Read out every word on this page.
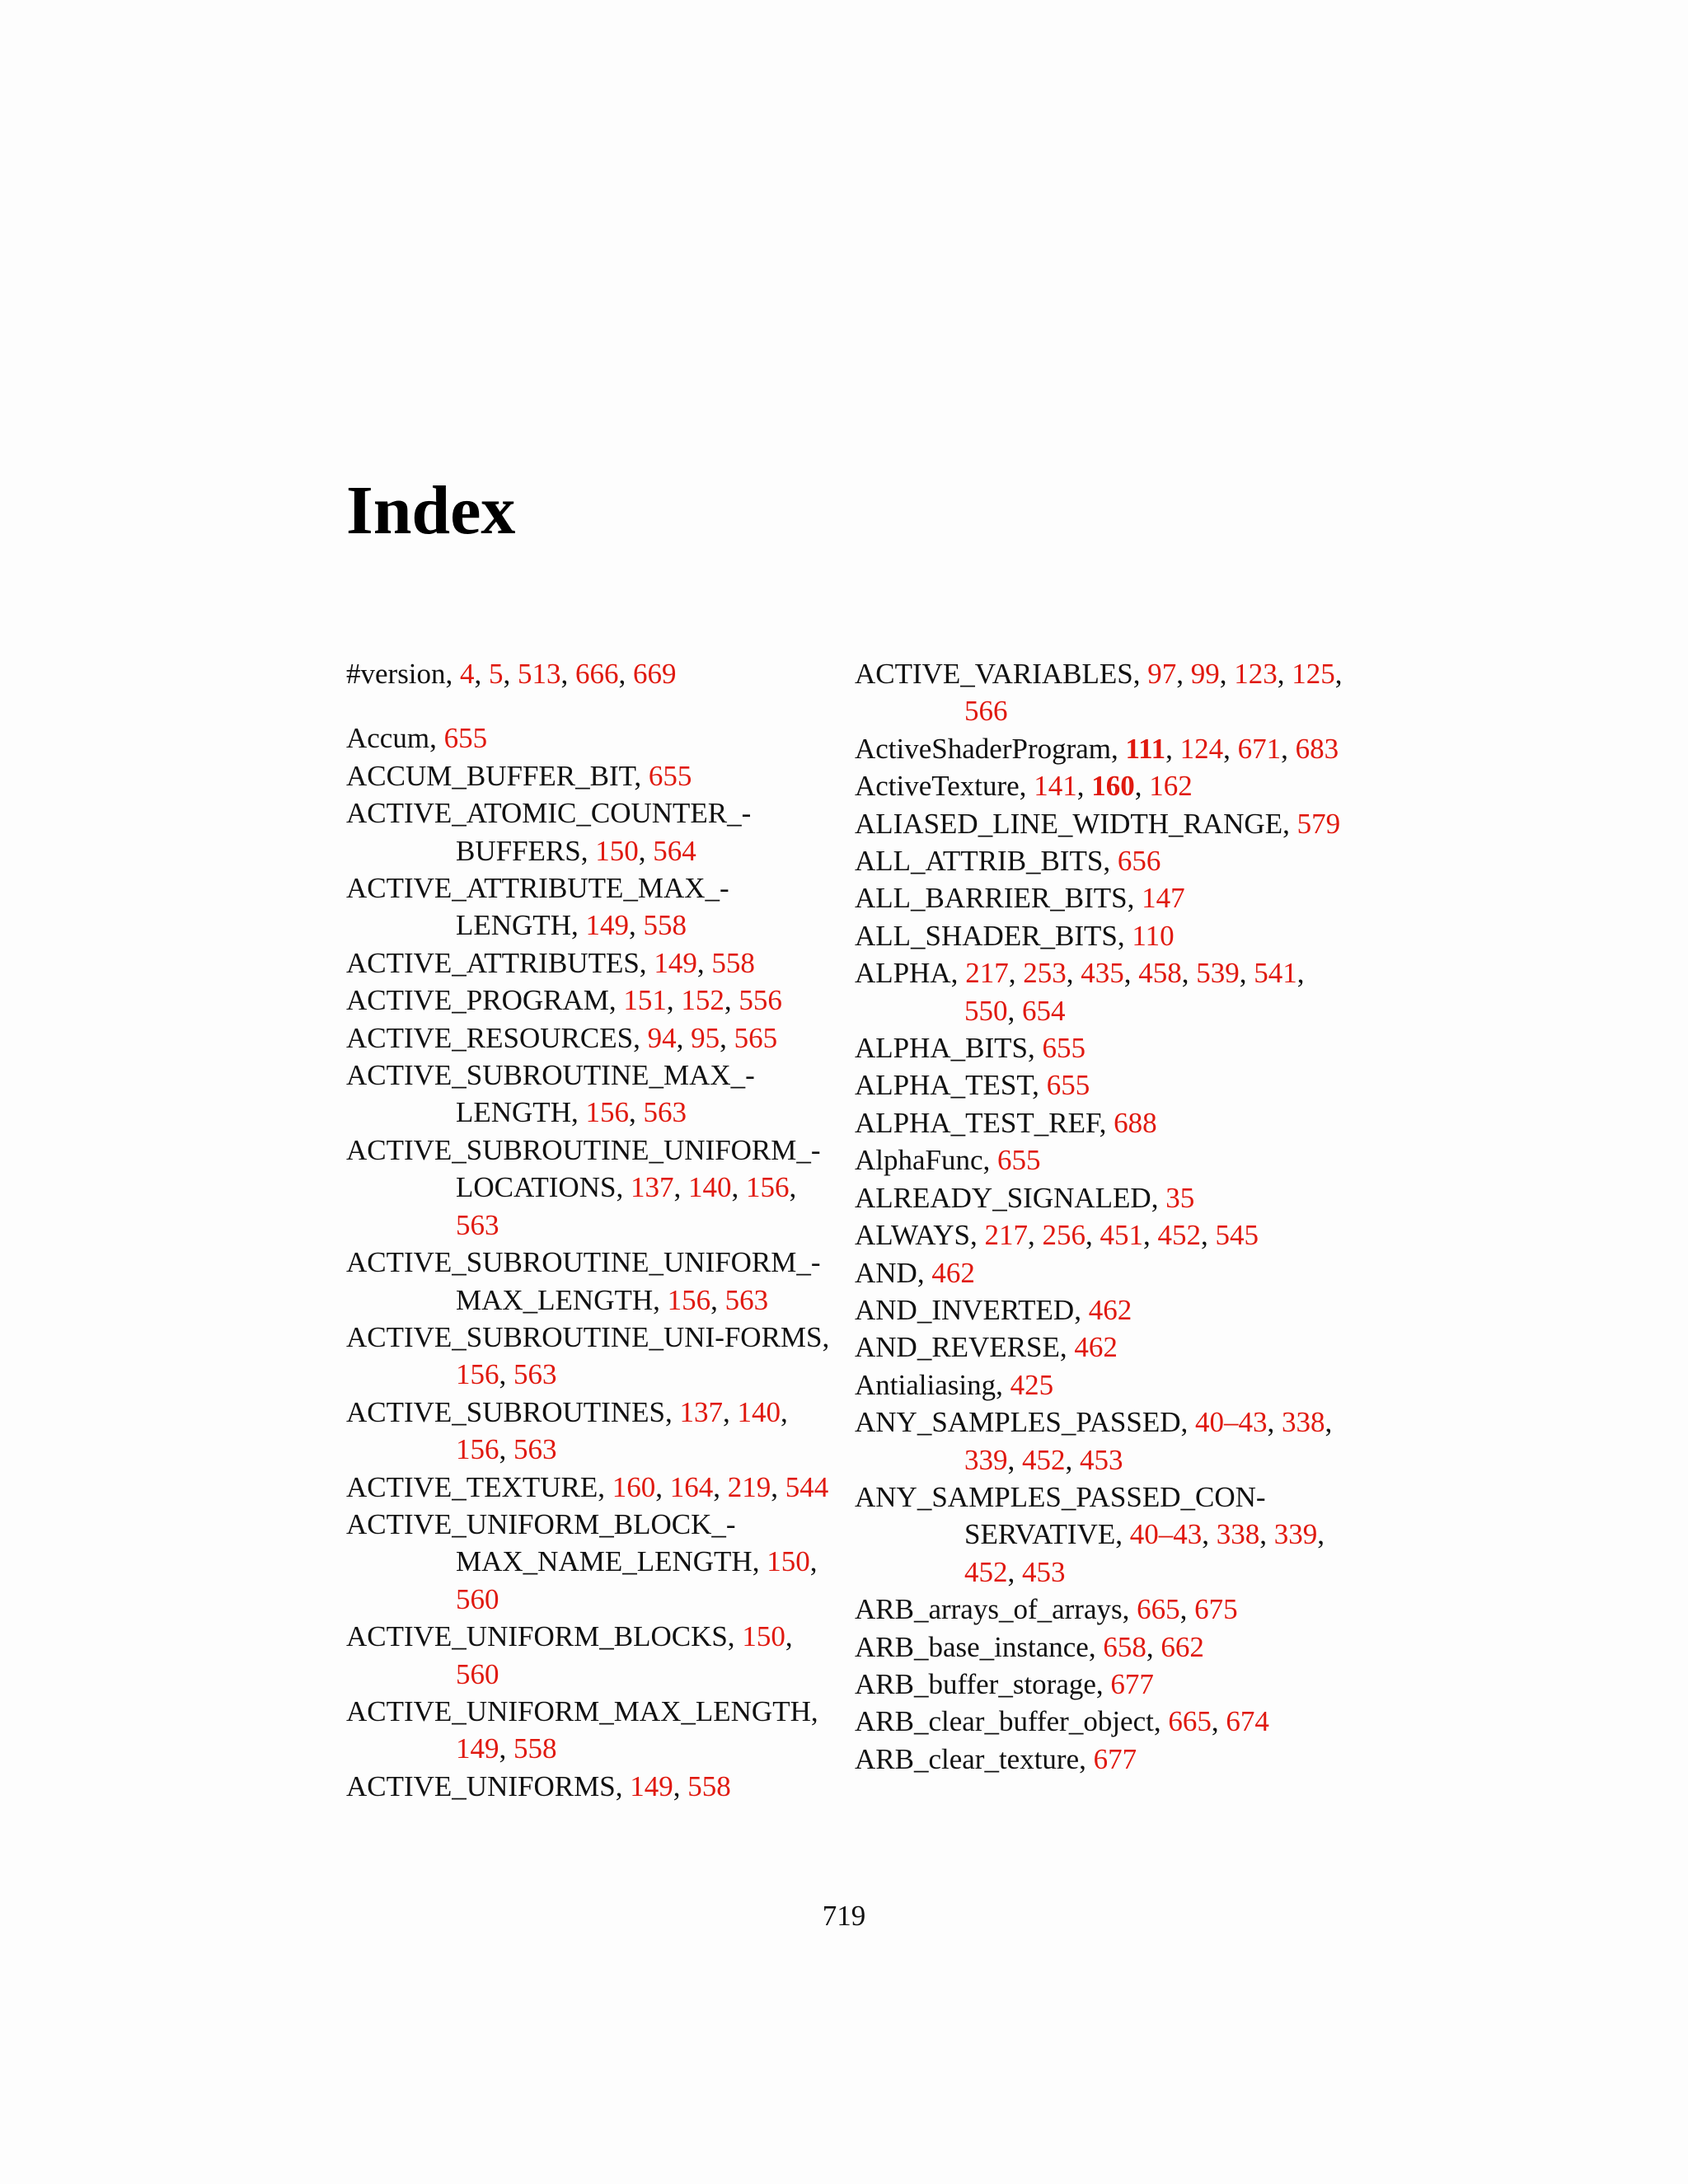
Index
#version, 4, 5, 513, 666, 669
Accum, 655
ACCUM_BUFFER_BIT, 655
ACTIVE_ATOMIC_COUNTER_-BUFFERS, 150, 564
ACTIVE_ATTRIBUTE_MAX_-LENGTH, 149, 558
ACTIVE_ATTRIBUTES, 149, 558
ACTIVE_PROGRAM, 151, 152, 556
ACTIVE_RESOURCES, 94, 95, 565
ACTIVE_SUBROUTINE_MAX_-LENGTH, 156, 563
ACTIVE_SUBROUTINE_UNIFORM_-LOCATIONS, 137, 140, 156, 563
ACTIVE_SUBROUTINE_UNIFORM_-MAX_LENGTH, 156, 563
ACTIVE_SUBROUTINE_UNI-FORMS, 156, 563
ACTIVE_SUBROUTINES, 137, 140, 156, 563
ACTIVE_TEXTURE, 160, 164, 219, 544
ACTIVE_UNIFORM_BLOCK_-MAX_NAME_LENGTH, 150, 560
ACTIVE_UNIFORM_BLOCKS, 150, 560
ACTIVE_UNIFORM_MAX_LENGTH, 149, 558
ACTIVE_UNIFORMS, 149, 558
ACTIVE_VARIABLES, 97, 99, 123, 125, 566
ActiveShaderProgram, 111, 124, 671, 683
ActiveTexture, 141, 160, 162
ALIASED_LINE_WIDTH_RANGE, 579
ALL_ATTRIB_BITS, 656
ALL_BARRIER_BITS, 147
ALL_SHADER_BITS, 110
ALPHA, 217, 253, 435, 458, 539, 541, 550, 654
ALPHA_BITS, 655
ALPHA_TEST, 655
ALPHA_TEST_REF, 688
AlphaFunc, 655
ALREADY_SIGNALED, 35
ALWAYS, 217, 256, 451, 452, 545
AND, 462
AND_INVERTED, 462
AND_REVERSE, 462
Antialiasing, 425
ANY_SAMPLES_PASSED, 40–43, 338, 339, 452, 453
ANY_SAMPLES_PASSED_CON-SERVATIVE, 40–43, 338, 339, 452, 453
ARB_arrays_of_arrays, 665, 675
ARB_base_instance, 658, 662
ARB_buffer_storage, 677
ARB_clear_buffer_object, 665, 674
ARB_clear_texture, 677
719
